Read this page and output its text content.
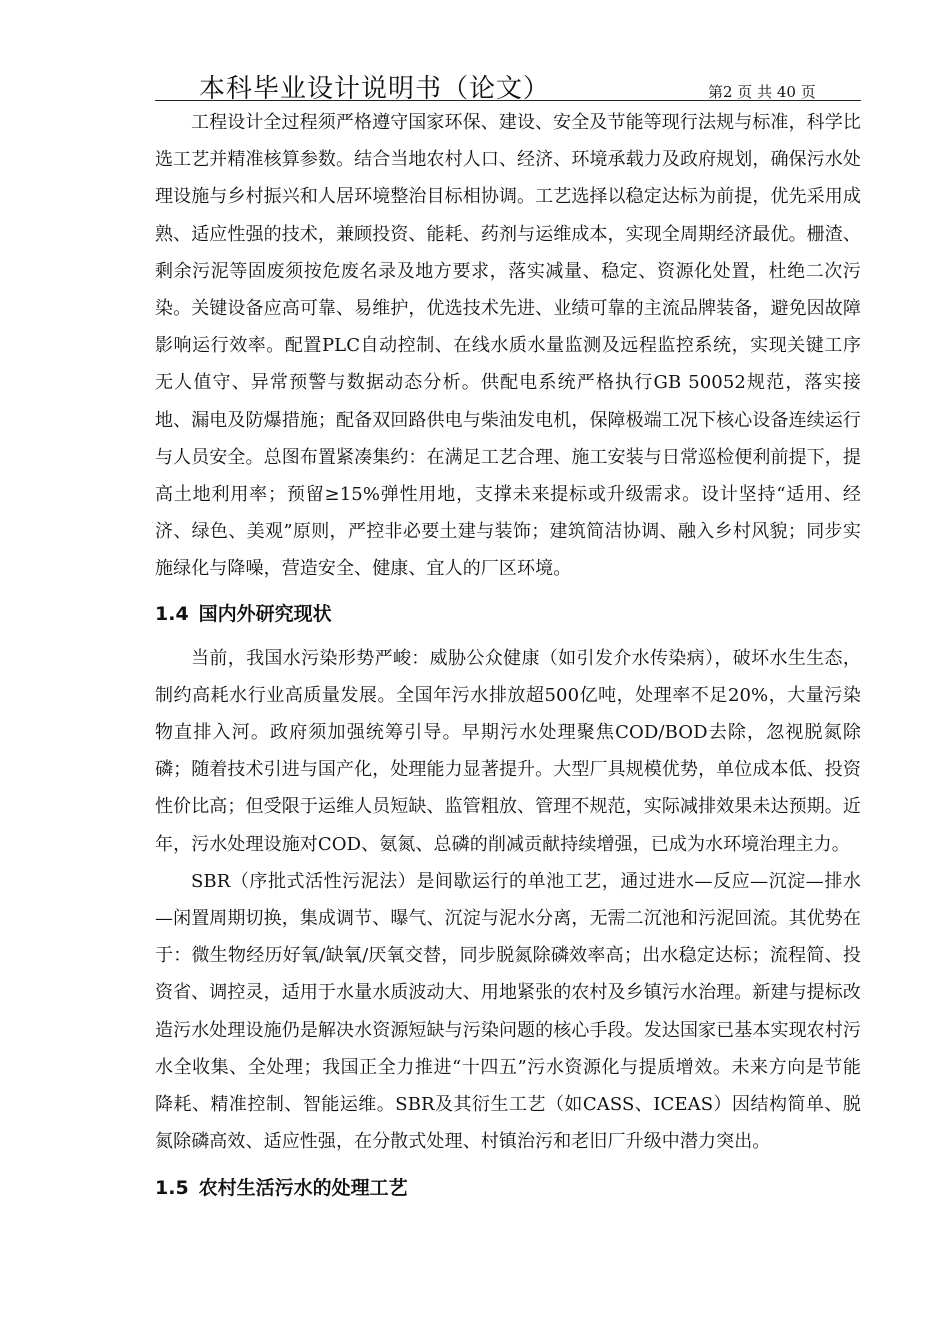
本科毕业设计说明书（论文）	第2 页 共 40 页

工程设计全过程须严格遵守国家环保、建设、安全及节能等现行法规与标准，科学比选工艺并精准核算参数。结合当地农村人口、经济、环境承载力及政府规划，确保污水处理设施与乡村振兴和人居环境整治目标相协调。工艺选择以稳定达标为前提，优先采用成熟、适应性强的技术，兼顾投资、能耗、药剂与运维成本，实现全周期经济最优。栅渣、剩余污泥等固废须按危废名录及地方要求，落实减量、稳定、资源化处置，杜绝二次污染。关键设备应高可靠、易维护，优选技术先进、业绩可靠的主流品牌装备，避免因故障影响运行效率。配置PLC自动控制、在线水质水量监测及远程监控系统，实现关键工序无人值守、异常预警与数据动态分析。供配电系统严格执行GB 50052规范，落实接地、漏电及防爆措施；配备双回路供电与柴油发电机，保障极端工况下核心设备连续运行与人员安全。总图布置紧凑集约：在满足工艺合理、施工安装与日常巡检便利前提下，提高土地利用率；预留≥15%弹性用地，支撑未来提标或升级需求。设计坚持“适用、经济、绿色、美观”原则，严控非必要土建与装饰；建筑简洁协调、融入乡村风貌；同步实施绿化与降噪，营造安全、健康、宜人的厂区环境。

1.4 国内外研究现状

当前，我国水污染形势严峻：威胁公众健康（如引发介水传染病），破坏水生生态，制约高耗水行业高质量发展。全国年污水排放超500亿吨，处理率不足20%，大量污染物直排入河。政府须加强统筹引导。早期污水处理聚焦COD/BOD去除，忽视脱氮除磷；随着技术引进与国产化，处理能力显著提升。大型厂具规模优势，单位成本低、投资性价比高；但受限于运维人员短缺、监管粗放、管理不规范，实际减排效果未达预期。近年，污水处理设施对COD、氨氮、总磷的削减贡献持续增强，已成为水环境治理主力。

SBR（序批式活性污泥法）是间歇运行的单池工艺，通过进水—反应—沉淀—排水—闲置周期切换，集成调节、曝气、沉淀与泥水分离，无需二沉池和污泥回流。其优势在于：微生物经历好氧/缺氧/厌氧交替，同步脱氮除磷效率高；出水稳定达标；流程简、投资省、调控灵，适用于水量水质波动大、用地紧张的农村及乡镇污水治理。新建与提标改造污水处理设施仍是解决水资源短缺与污染问题的核心手段。发达国家已基本实现农村污水全收集、全处理；我国正全力推进“十四五”污水资源化与提质增效。未来方向是节能降耗、精准控制、智能运维。SBR及其衍生工艺（如CASS、ICEAS）因结构简单、脱氮除磷高效、适应性强，在分散式处理、村镇治污和老旧厂升级中潜力突出。

1.5 农村生活污水的处理工艺
